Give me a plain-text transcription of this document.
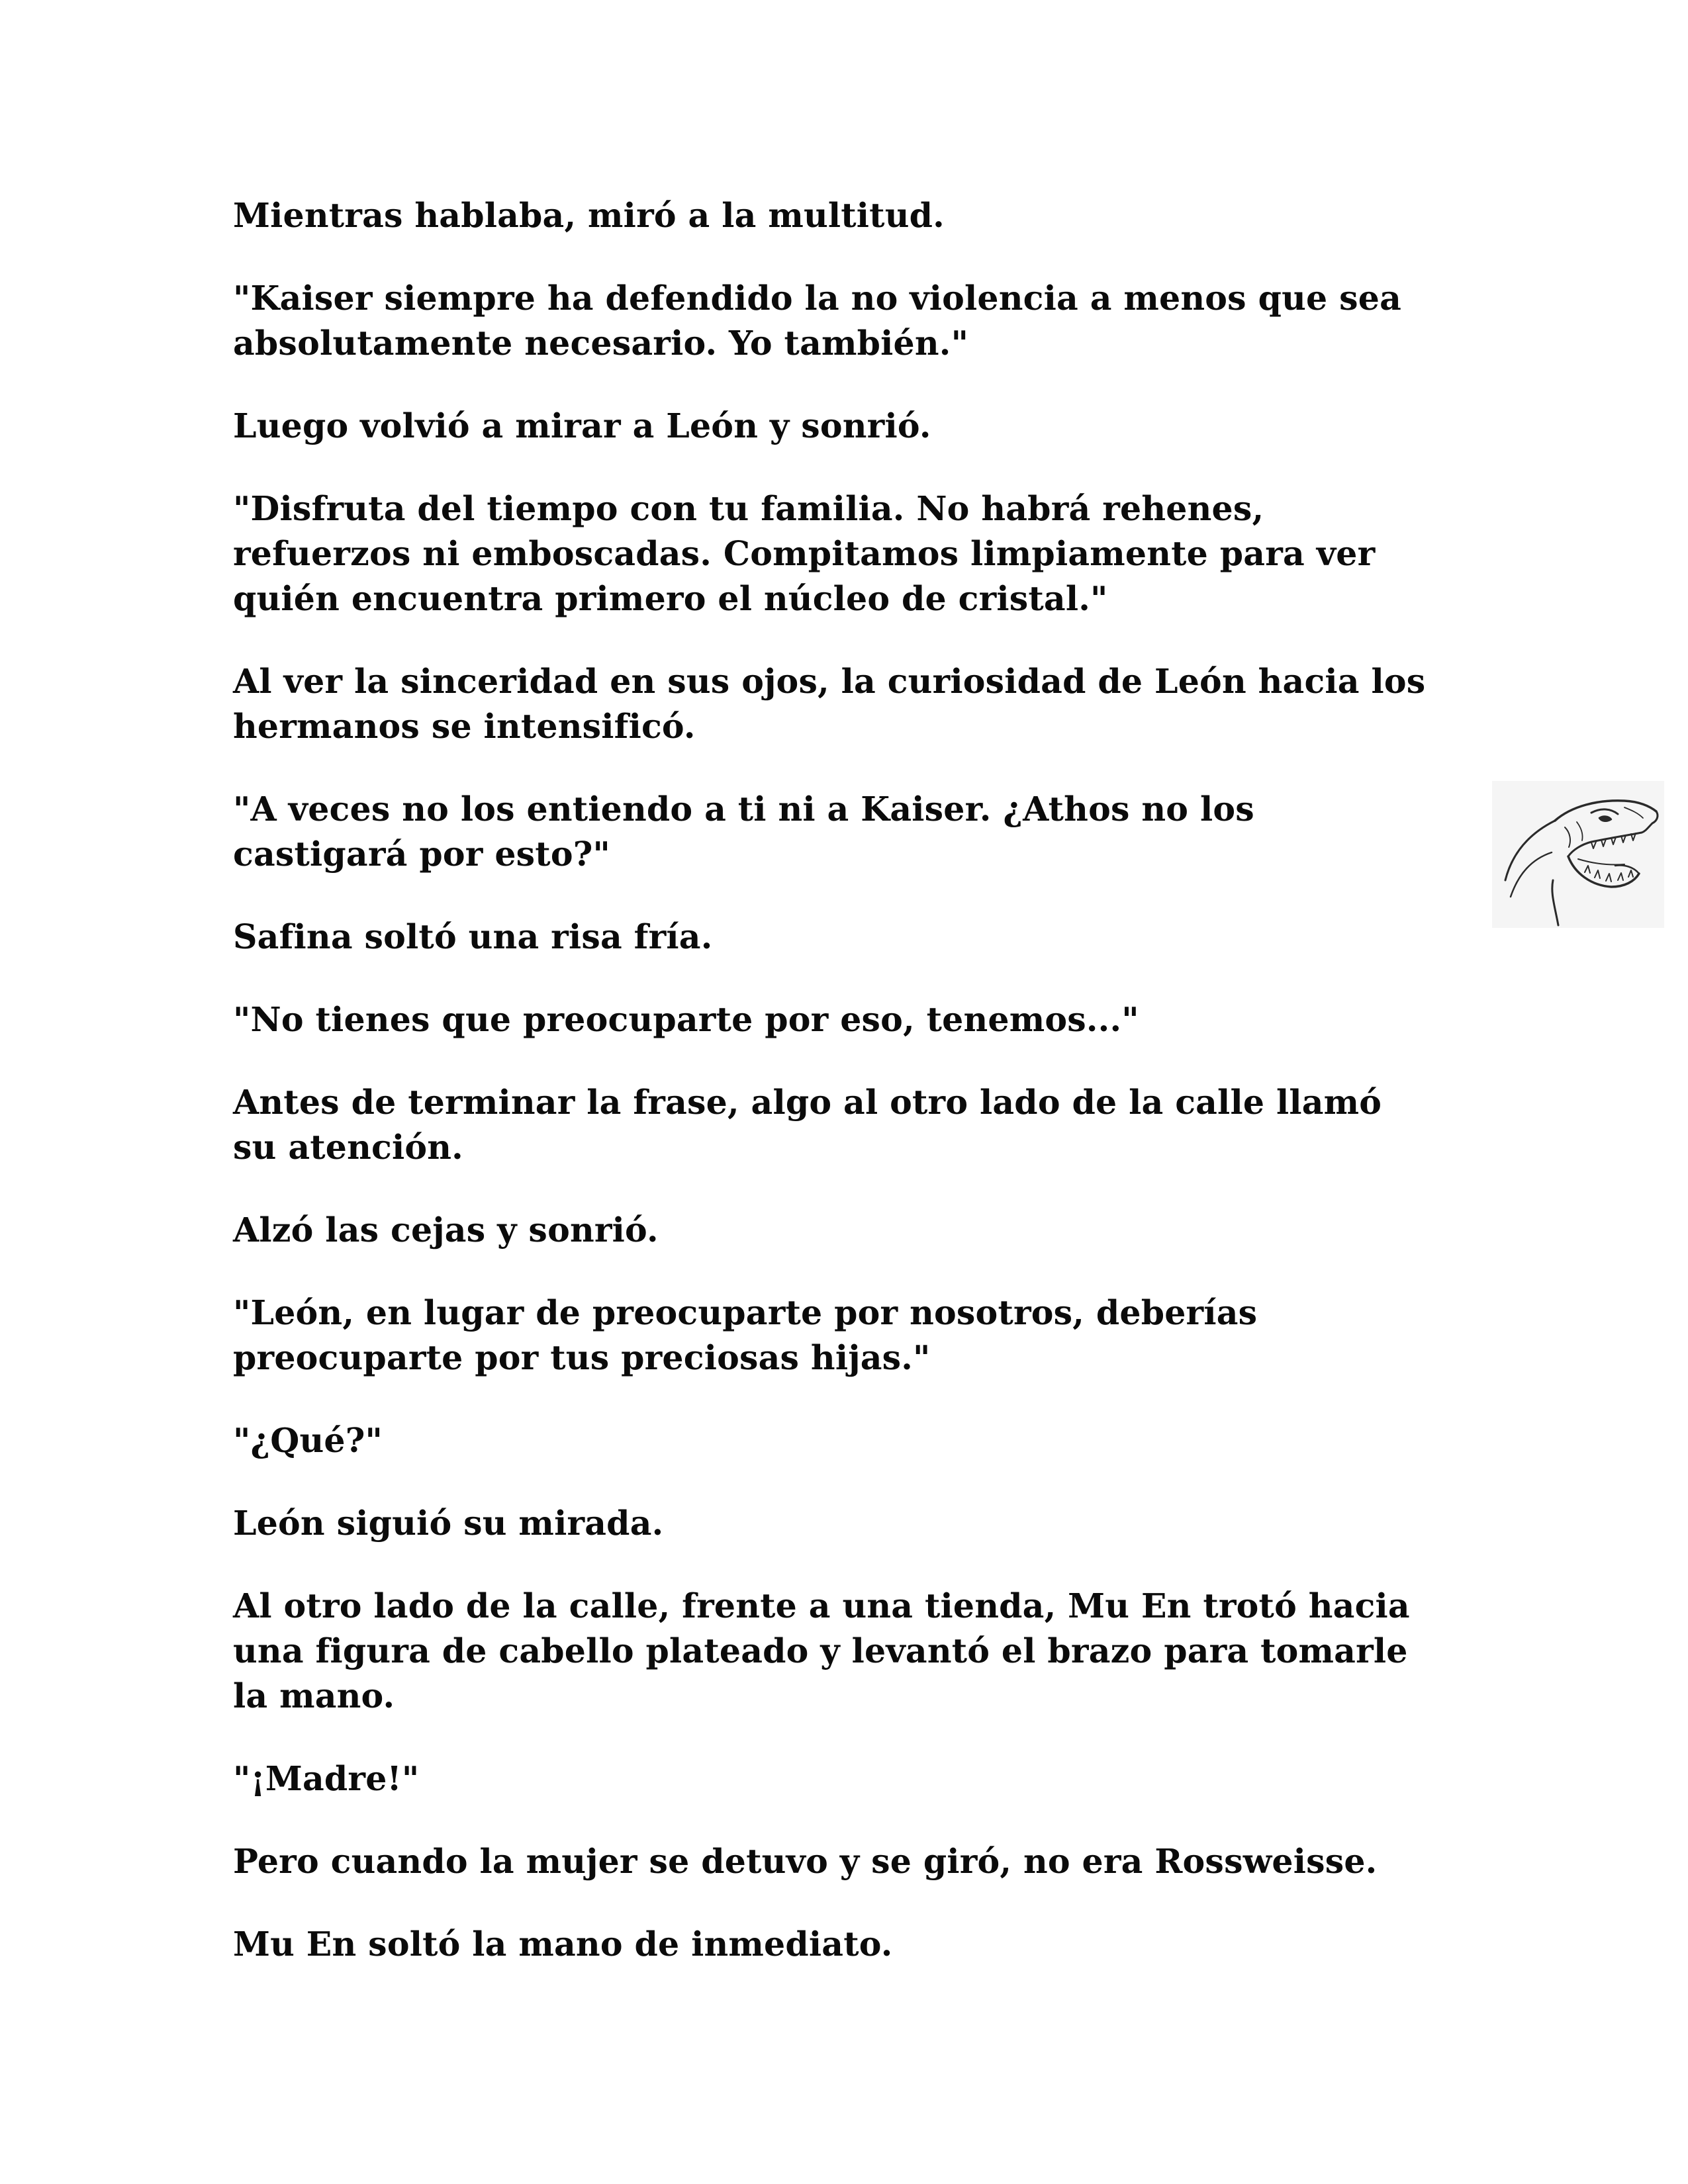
Mientras hablaba, miró a la multitud.

"Kaiser siempre ha defendido la no violencia a menos que sea
absolutamente necesario. Yo también."

Luego volvió a mirar a León y sonrió.

"Disfruta del tiempo con tu familia. No habrá rehenes,
refuerzos ni emboscadas. Compitamos limpiamente para ver
quién encuentra primero el núcleo de cristal."

Al ver la sinceridad en sus ojos, la curiosidad de León hacia los
hermanos se intensificó.

"A veces no los entiendo a ti ni a Kaiser. ¿Athos no los
castigará por esto?"

Safina soltó una risa fría.

"No tienes que preocuparte por eso, tenemos..."

Antes de terminar la frase, algo al otro lado de la calle llamó
su atención.

Alzó las cejas y sonrió.

"León, en lugar de preocuparte por nosotros, deberías
preocuparte por tus preciosas hijas."

"¿Qué?"

León siguió su mirada.

Al otro lado de la calle, frente a una tienda, Mu En trotó hacia
una figura de cabello plateado y levantó el brazo para tomarle
la mano.

"¡Madre!"

Pero cuando la mujer se detuvo y se giró, no era Rossweisse.

Mu En soltó la mano de inmediato.
